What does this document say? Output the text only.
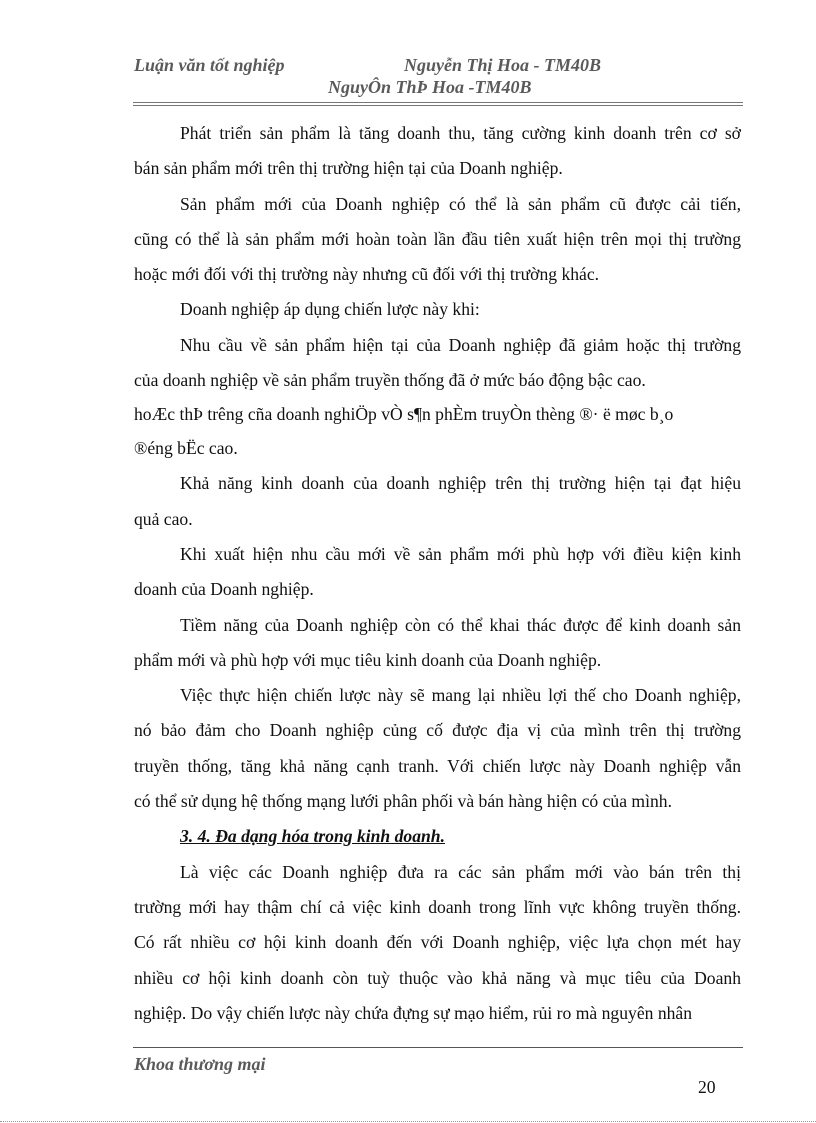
Luận văn tốt nghiệp	Nguyễn Thị Hoa - TM40B
NguyÔn ThÞ Hoa -TM40B
Phát triển sản phẩm là tăng doanh thu, tăng cường kinh doanh trên cơ sở
bán sản phẩm mới trên thị trường hiện tại của Doanh nghiệp.
Sản phẩm mới của Doanh nghiệp có thể là sản phẩm cũ được cải tiến,
cũng có thể là sản phẩm mới hoàn toàn lần đầu tiên xuất hiện trên mọi thị trường
hoặc mới đối với thị trường này nhưng cũ đối với thị trường khác.
Doanh nghiệp áp dụng chiến lược này khi:
Nhu cầu về sản phẩm hiện tại của Doanh nghiệp đã giảm hoặc thị trường
của doanh nghiệp về sản phẩm truyền thống đã ở mức báo động bậc cao.
hoÆc thÞ trêng cña doanh nghiÖp vÒ s¶n phÈm truyÒn thèng ®· ë møc b¸o
®éng bËc cao.
Khả năng kinh doanh của doanh nghiệp trên thị trường hiện tại đạt hiệu
quả cao.
Khi xuất hiện nhu cầu mới về sản phẩm mới phù hợp với điều kiện kinh
doanh của Doanh nghiệp.
Tiềm năng của Doanh nghiệp còn có thể khai thác được để kinh doanh sản
phẩm mới và phù hợp với mục tiêu kinh doanh của Doanh nghiệp.
Việc thực hiện chiến lược này sẽ mang lại nhiều lợi thế cho Doanh nghiệp,
nó bảo đảm cho Doanh nghiệp củng cố được địa vị của mình trên thị trường
truyền thống, tăng khả năng cạnh tranh. Với chiến lược này Doanh nghiệp vẫn
có thể sử dụng hệ thống mạng lưới phân phối và bán hàng hiện có của mình.
3. 4. Đa dạng hóa trong kinh doanh.
Là việc các Doanh nghiệp đưa ra các sản phẩm mới vào bán trên thị
trường mới hay thậm chí cả việc kinh doanh trong lĩnh vực không truyền thống.
Có rất nhiều cơ hội kinh doanh đến với Doanh nghiệp, việc lựa chọn mét hay
nhiều cơ hội kinh doanh còn tuỳ thuộc vào khả năng và mục tiêu của Doanh
nghiệp. Do vậy chiến lược này chứa đựng sự mạo hiểm, rủi ro mà nguyên nhân
Khoa thương mại
20
